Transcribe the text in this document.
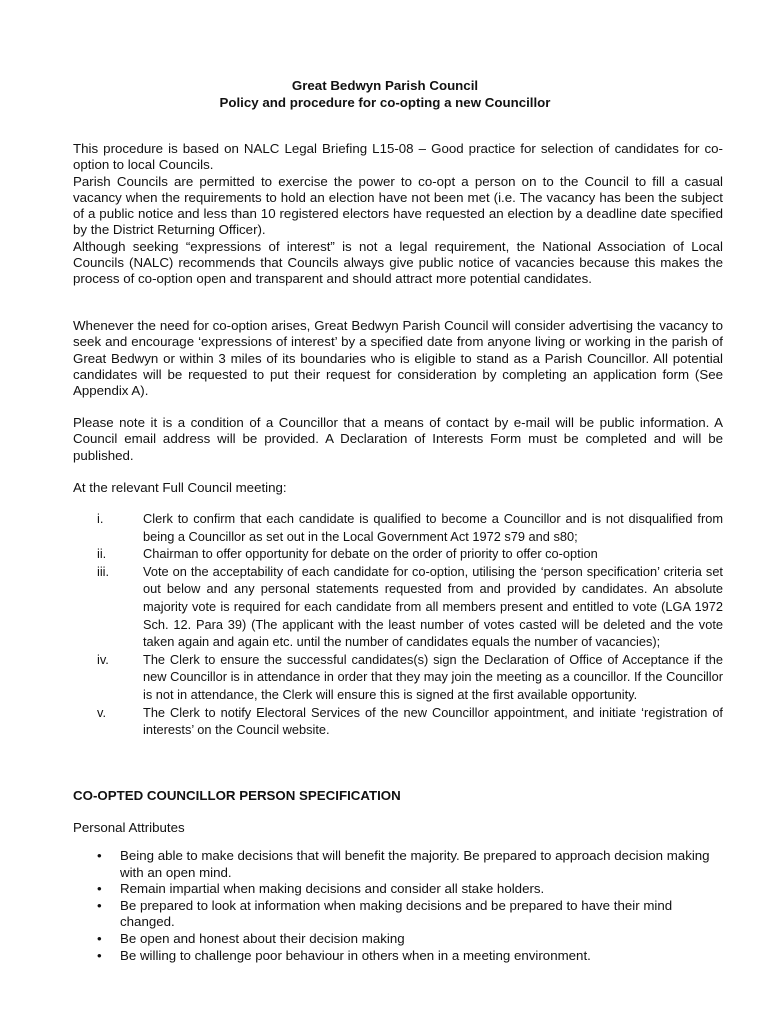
Great Bedwyn Parish Council
Policy and procedure for co-opting a new Councillor
This procedure is based on NALC Legal Briefing L15-08 – Good practice for selection of candidates for co-option to local Councils.
Parish Councils are permitted to exercise the power to co-opt a person on to the Council to fill a casual vacancy when the requirements to hold an election have not been met (i.e. The vacancy has been the subject of a public notice and less than 10 registered electors have requested an election by a deadline date specified by the District Returning Officer).
Although seeking “expressions of interest” is not a legal requirement, the National Association of Local Councils (NALC) recommends that Councils always give public notice of vacancies because this makes the process of co-option open and transparent and should attract more potential candidates.
Whenever the need for co-option arises, Great Bedwyn Parish Council will consider advertising the vacancy to seek and encourage ‘expressions of interest’ by a specified date from anyone living or working in the parish of Great Bedwyn or within 3 miles of its boundaries who is eligible to stand as a Parish Councillor. All potential candidates will be requested to put their request for consideration by completing an application form (See Appendix A).
Please note it is a condition of a Councillor that a means of contact by e-mail will be public information. A Council email address will be provided. A Declaration of Interests Form must be completed and will be published.
At the relevant Full Council meeting:
i.	Clerk to confirm that each candidate is qualified to become a Councillor and is not disqualified from being a Councillor as set out in the Local Government Act 1972 s79 and s80;
ii.	Chairman to offer opportunity for debate on the order of priority to offer co-option
iii.	Vote on the acceptability of each candidate for co-option, utilising the ‘person specification’ criteria set out below and any personal statements requested from and provided by candidates. An absolute majority vote is required for each candidate from all members present and entitled to vote (LGA 1972 Sch. 12. Para 39) (The applicant with the least number of votes casted will be deleted and the vote taken again and again etc. until the number of candidates equals the number of vacancies);
iv.	The Clerk to ensure the successful candidates(s) sign the Declaration of Office of Acceptance if the new Councillor is in attendance in order that they may join the meeting as a councillor. If the Councillor is not in attendance, the Clerk will ensure this is signed at the first available opportunity.
v.	The Clerk to notify Electoral Services of the new Councillor appointment, and initiate ‘registration of interests’ on the Council website.
CO-OPTED COUNCILLOR PERSON SPECIFICATION
Personal Attributes
• Being able to make decisions that will benefit the majority. Be prepared to approach decision making with an open mind.
• Remain impartial when making decisions and consider all stake holders.
• Be prepared to look at information when making decisions and be prepared to have their mind changed.
• Be open and honest about their decision making
• Be willing to challenge poor behaviour in others when in a meeting environment.
